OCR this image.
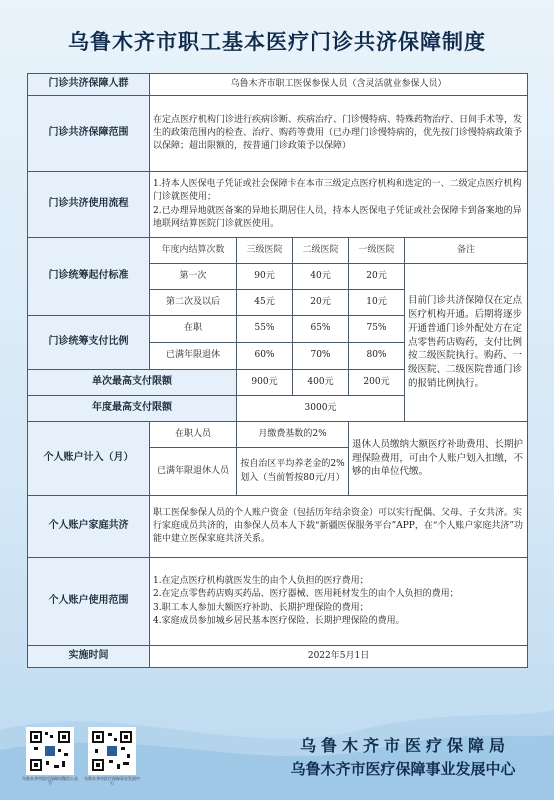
乌鲁木齐市职工基本医疗门诊共济保障制度
门诊共济保障人群	乌鲁木齐市职工医保参保人员（含灵活就业参保人员）				
门诊共济保障范围	在定点医疗机构门诊进行疾病诊断、疾病治疗、门诊慢特病、特殊药物治疗、日间手术等，发生的政策范围内的检查、治疗、购药等费用（已办理门诊慢特病的，优先按门诊慢特病政策予以保障；超出限额的，按普通门诊政策予以保障）				
门诊共济使用流程	1.持本人医保电子凭证或社会保障卡在本市三级定点医疗机构和选定的一、二级定点医疗机构门诊就医使用；
2.已办理异地就医备案的异地长期居住人员，持本人医保电子凭证或社会保障卡到备案地的异地联网结算医院门诊就医使用。				

门诊统筹起付标准	年度内结算次数	三级医院	二级医院	一级医院	备注
	第一次	90元	40元	20元	目前门诊共济保障仅在定点医疗机构开通。后期将逐步开通普通门诊外配处方在定点零售药店购药，支付比例按二级医院执行。购药、一级医院、二级医院普通门诊的报销比例执行。
	第二次及以后	45元	20元	10元	
门诊统筹支付比例	在职	55%	65%	75%	
	已满年限退休	60%	70%	80%	
单次最高支付限额		900元	400元	200元	
年度最高支付限额		3000元			
个人账户计入（月）	在职人员	月缴费基数的2%		退休人员缴纳大额医疗补助费用、长期护理保险费用，可由个人账户划入扣缴，不够的由单位代缴。	
	已满年限退休人员	按自治区平均养老金的2%划入（当前暂按80元/月）			
个人账户家庭共济	职工医保参保人员的个人账户资金（包括历年结余资金）可以实行配偶、父母、子女共济。实行家庭成员共济的，由参保人员本人下载“新疆医保服务平台”APP，在“个人账户家庭共济”功能中建立医保家庭共济关系。				
个人账户使用范围	1.在定点医疗机构就医发生的由个人负担的医疗费用；
2.在定点零售药店购买药品、医疗器械、医用耗材发生的由个人负担的费用；
3.职工本人参加大额医疗补助、长期护理保险的费用；
4.家庭成员参加城乡居民基本医疗保险、长期护理保险的费用。				

实施时间	2022年5月1日				
乌鲁木齐市医疗保障局微信公众号
乌鲁木齐市医疗保障事业发展中心
乌鲁木齐市医疗保障局
乌鲁木齐市医疗保障事业发展中心
